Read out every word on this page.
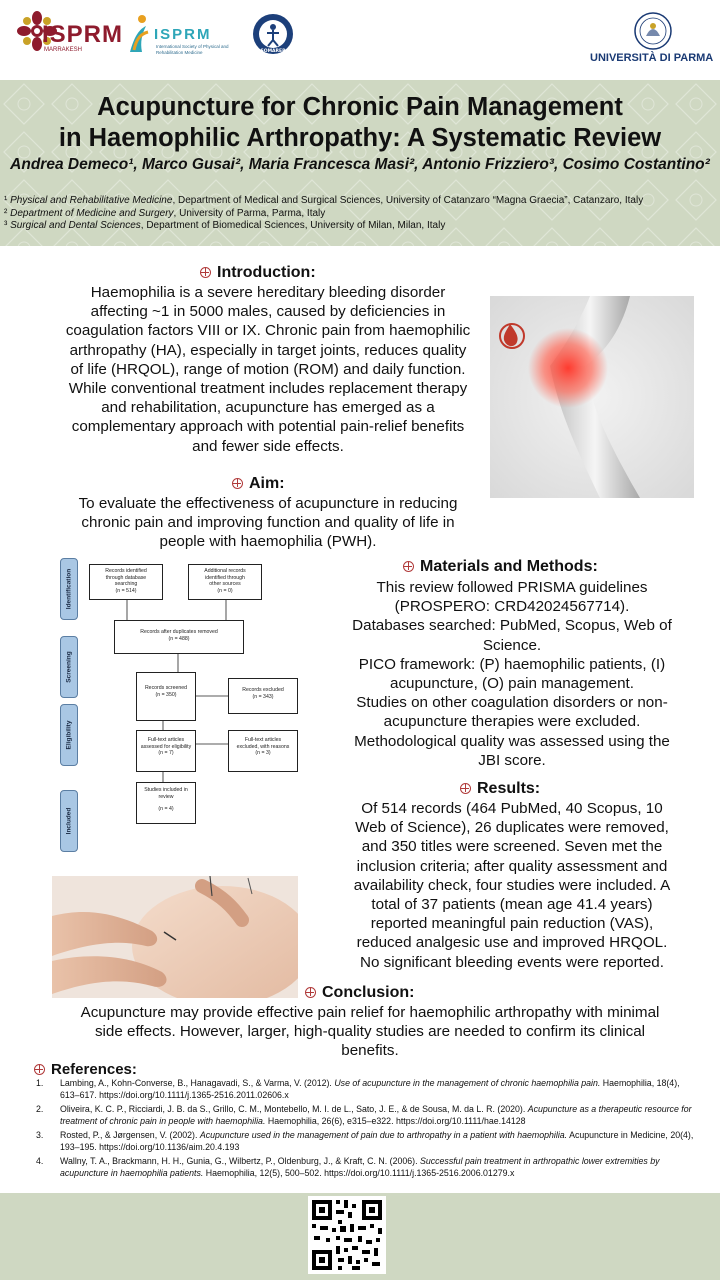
ISPRM
MARRAKESH
ISPRM
International Society of Physical and Rehabilitation Medicine	SOMAREB
UNIVERSITÀ DI PARMA
Acupuncture for Chronic Pain Management
in Haemophilic Arthropathy: A Systematic Review
Andrea Demeco¹, Marco Gusai², Maria Francesca Masi², Antonio Frizziero³, Cosimo Costantino²
¹ Physical and Rehabilitative Medicine, Department of Medical and Surgical Sciences, University of Catanzaro “Magna Graecia”, Catanzaro, Italy
² Department of Medicine and Surgery, University of Parma, Parma, Italy
³ Surgical and Dental Sciences, Department of Biomedical Sciences, University of Milan, Milan, Italy
Introduction:
Haemophilia is a severe hereditary bleeding disorder
affecting ~1 in 5000 males, caused by deficiencies in
coagulation factors VIII or IX. Chronic pain from haemophilic
arthropathy (HA), especially in target joints, reduces quality
of life (HRQOL), range of motion (ROM) and daily function.
While conventional treatment includes replacement therapy
and rehabilitation, acupuncture has emerged as a
complementary approach with potential pain-relief benefits
and fewer side effects.
Aim:
To evaluate the effectiveness of acupuncture in reducing
chronic pain and improving function and quality of life in
people with haemophilia (PWH).
Identification
Screening
Eligibility
Included
Records identified
through database
searching
(n = 514)
Additional records
identified through
other sources
(n = 0)
Records after duplicates removed
(n = 488)
Records screened
(n = 350)
Records excluded
(n = 343)
Full-text articles
assessed for eligibility
(n = 7)
Full-text articles
excluded, with reasons
(n = 3)
Studies included in
review
(n = 4)
Materials and Methods:
This review followed PRISMA guidelines
(PROSPERO: CRD42024567714).
Databases searched: PubMed, Scopus, Web of
Science.
PICO framework: (P) haemophilic patients, (I)
acupuncture, (O) pain management.
Studies on other coagulation disorders or non-
acupuncture therapies were excluded.
Methodological quality was assessed using the
JBI score.
Results:
Of 514 records (464 PubMed, 40 Scopus, 10
Web of Science), 26 duplicates were removed,
and 350 titles were screened. Seven met the
inclusion criteria; after quality assessment and
availability check, four studies were included. A
total of 37 patients (mean age 41.4 years)
reported meaningful pain reduction (VAS),
reduced analgesic use and improved HRQOL.
No significant bleeding events were reported.
Conclusion:
Acupuncture may provide effective pain relief for haemophilic arthropathy with minimal
side effects. However, larger, high-quality studies are needed to confirm its clinical
benefits.
References:
1. Lambing, A., Kohn-Converse, B., Hanagavadi, S., & Varma, V. (2012). Use of acupuncture in the management of chronic haemophilia pain. Haemophilia, 18(4), 613–617. https://doi.org/10.1111/j.1365-2516.2011.02606.x
2. Oliveira, K. C. P., Ricciardi, J. B. da S., Grillo, C. M., Montebello, M. I. de L., Sato, J. E., & de Sousa, M. da L. R. (2020). Acupuncture as a therapeutic resource for treatment of chronic pain in people with haemophilia. Haemophilia, 26(6), e315–e322. https://doi.org/10.1111/hae.14128
3. Rosted, P., & Jørgensen, V. (2002). Acupuncture used in the management of pain due to arthropathy in a patient with haemophilia. Acupuncture in Medicine, 20(4), 193–195. https://doi.org/10.1136/aim.20.4.193
4. Wallny, T. A., Brackmann, H. H., Gunia, G., Wilbertz, P., Oldenburg, J., & Kraft, C. N. (2006). Successful pain treatment in arthropathic lower extremities by acupuncture in haemophilia patients. Haemophilia, 12(5), 500–502. https://doi.org/10.1111/j.1365-2516.2006.01279.x
